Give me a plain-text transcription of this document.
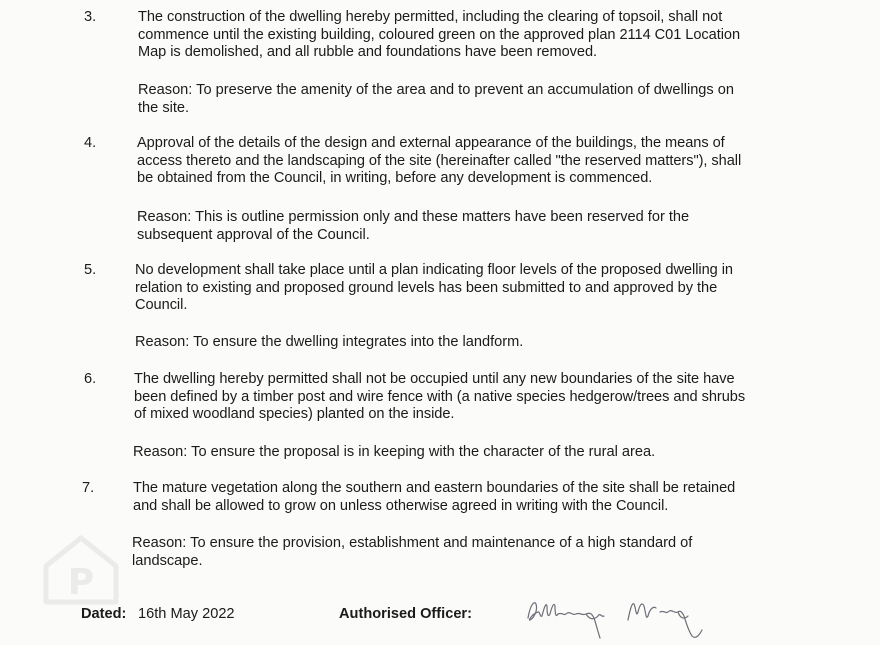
3.	The construction of the dwelling hereby permitted, including the clearing of topsoil, shall not
commence until the existing building, coloured green on the approved plan 2114 C01 Location
Map is demolished, and all rubble and foundations have been removed.
Reason: To preserve the amenity of the area and to prevent an accumulation of dwellings on
the site.
4.	Approval of the details of the design and external appearance of the buildings, the means of
access thereto and the landscaping of the site (hereinafter called "the reserved matters"), shall
be obtained from the Council, in writing, before any development is commenced.
Reason: This is outline permission only and these matters have been reserved for the
subsequent approval of the Council.
5.	No development shall take place until a plan indicating floor levels of the proposed dwelling in
relation to existing and proposed ground levels has been submitted to and approved by the
Council.
Reason: To ensure the dwelling integrates into the landform.
6.	The dwelling hereby permitted shall not be occupied until any new boundaries of the site have
been defined by a timber post and wire fence with (a native species hedgerow/trees and shrubs
of mixed woodland species) planted on the inside.
Reason: To ensure the proposal is in keeping with the character of the rural area.
7.	The mature vegetation along the southern and eastern boundaries of the site shall be retained
and shall be allowed to grow on unless otherwise agreed in writing with the Council.
Reason: To ensure the provision, establishment and maintenance of a high standard of
landscape.
P
Dated: 16th May 2022	Authorised Officer:
